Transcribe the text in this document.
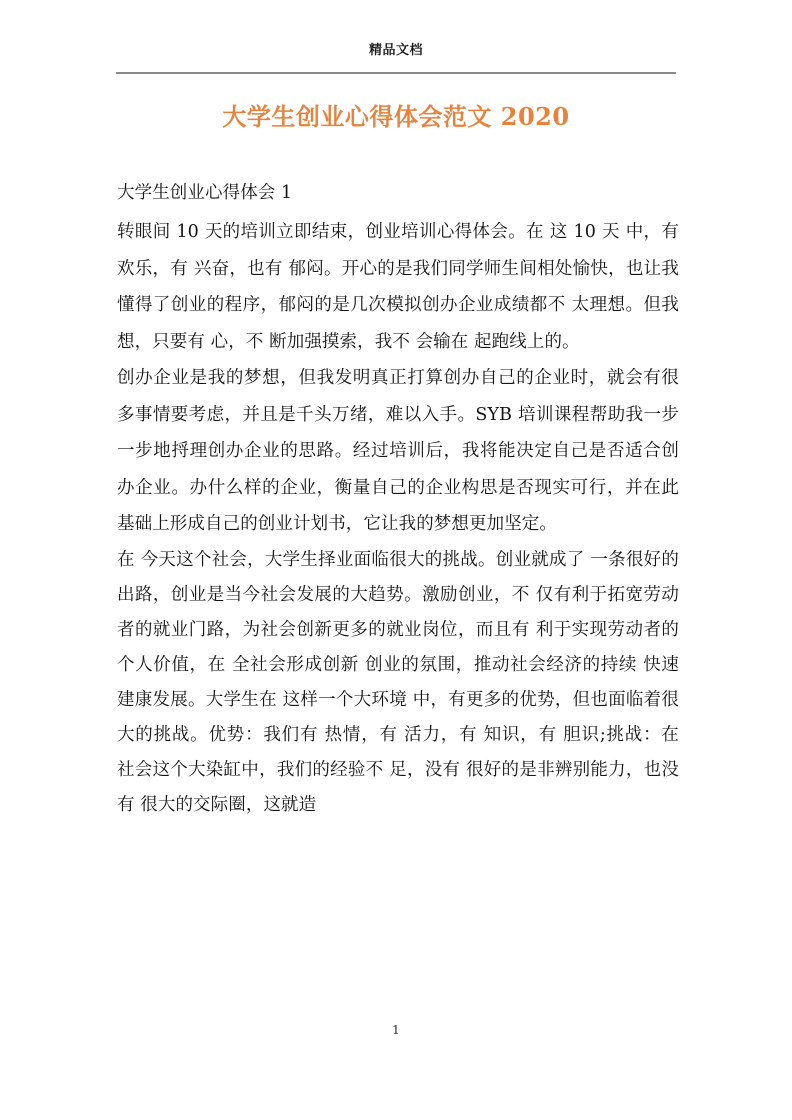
精品文档
大学生创业心得体会范文 2020

大学生创业心得体会 1

转眼间 10 天的培训立即结束，创业培训心得体会。在 这 10 天 中，有 欢乐，有 兴奋，也有 郁闷。开心的是我们同学师生间相处愉快，也让我懂得了创业的程序，郁闷的是几次模拟创办企业成绩都不 太理想。但我想，只要有 心，不 断加强摸索，我不 会输在 起跑线上的。

创办企业是我的梦想，但我发明真正打算创办自己的企业时，就会有很多事情要考虑，并且是千头万绪，难以入手。SYB 培训课程帮助我一步一步地捋理创办企业的思路。经过培训后，我将能决定自己是否适合创办企业。办什么样的企业，衡量自己的企业构思是否现实可行，并在此基础上形成自己的创业计划书，它让我的梦想更加坚定。

在 今天这个社会，大学生择业面临很大的挑战。创业就成了 一条很好的出路，创业是当今社会发展的大趋势。激励创业，不 仅有利于拓宽劳动者的就业门路，为社会创新更多的就业岗位，而且有 利于实现劳动者的个人价值，在 全社会形成创新 创业的氛围，推动社会经济的持续 快速建康发展。大学生在 这样一个大环境 中，有更多的优势，但也面临着很大的挑战。优势：我们有 热情，有 活力，有 知识，有 胆识;挑战：在 社会这个大染缸中，我们的经验不 足，没有 很好的是非辨别能力，也没有 很大的交际圈，这就造

1
